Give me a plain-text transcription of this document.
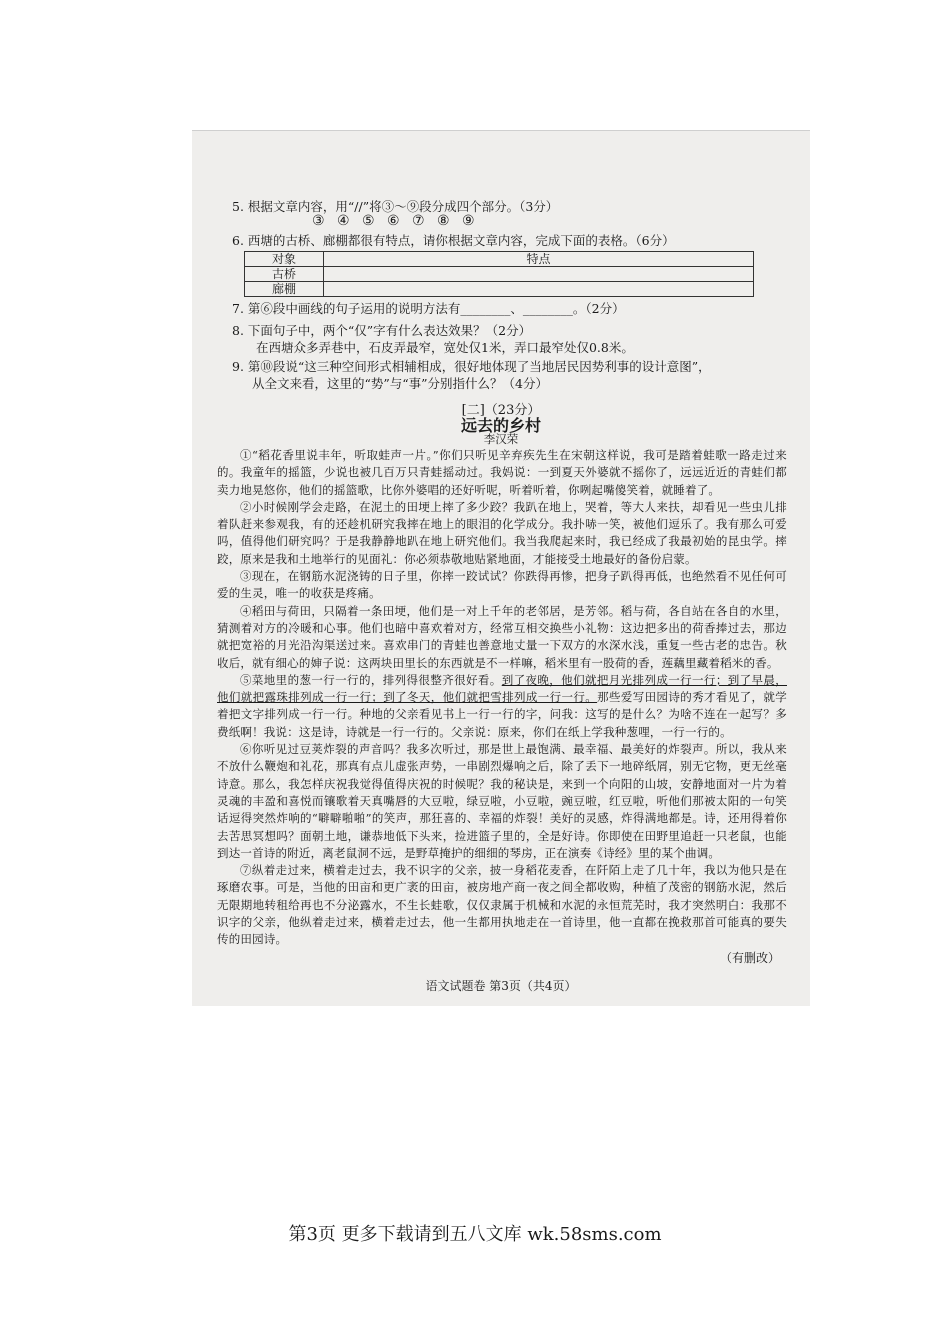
5. 根据文章内容，用“//”将③～⑨段分成四个部分。（3分）
③ ④ ⑤ ⑥ ⑦ ⑧ ⑨
6. 西塘的古桥、廊棚都很有特点，请你根据文章内容，完成下面的表格。（6分）
对象	特点
古桥	
廊棚	
7. 第⑥段中画线的句子运用的说明方法有________、________。（2分）
8. 下面句子中，两个“仅”字有什么表达效果？（2分）
在西塘众多弄巷中，石皮弄最窄，宽处仅1米，弄口最窄处仅0.8米。
9. 第⑩段说“这三种空间形式相辅相成，很好地体现了当地居民因势利事的设计意图”，
从全文来看，这里的“势”与“事”分别指什么？（4分）
[二]（23分）
远去的乡村
李汉荣

①“稻花香里说丰年，听取蛙声一片。”你们只听见辛弃疾先生在宋朝这样说，我可是踏着蛙歌一路走过来的。我童年的摇篮，少说也被几百万只青蛙摇动过。我妈说：一到夏天外婆就不摇你了，远远近近的青蛙们都卖力地晃悠你，他们的摇篮歌，比你外婆唱的还好听呢，听着听着，你咧起嘴傻笑着，就睡着了。

②小时候刚学会走路，在泥土的田埂上摔了多少跤？我趴在地上，哭着，等大人来扶，却看见一些虫儿排着队赶来参观我，有的还趁机研究我摔在地上的眼泪的化学成分。我扑哧一笑，被他们逗乐了。我有那么可爱吗，值得他们研究吗？于是我静静地趴在地上研究他们。我当我爬起来时，我已经成了我最初始的昆虫学。摔跤，原来是我和土地举行的见面礼：你必须恭敬地贴紧地面，才能接受土地最好的备份启蒙。

③现在，在钢筋水泥浇铸的日子里，你摔一跤试试？你跌得再惨，把身子趴得再低，也绝然看不见任何可爱的生灵，唯一的收获是疼痛。

④稻田与荷田，只隔着一条田埂，他们是一对上千年的老邻居，是芳邻。稻与荷，各自站在各自的水里，猜测着对方的冷暖和心事。他们也暗中喜欢着对方，经常互相交换些小礼物：这边把多出的荷香捧过去，那边就把宽裕的月光沿沟渠送过来。喜欢串门的青蛙也善意地丈量一下双方的水深水浅，重复一些古老的忠告。秋收后，就有细心的婶子说：这两块田里长的东西就是不一样嘛，稻米里有一股荷的香，莲藕里藏着稻米的香。

⑤菜地里的葱一行一行的，排列得很整齐很好看。到了夜晚，他们就把月光排列成一行一行；到了早晨，他们就把露珠排列成一行一行；到了冬天，他们就把雪排列成一行一行。那些爱写田园诗的秀才看见了，就学着把文字排列成一行一行。种地的父亲看见书上一行一行的字，问我：这写的是什么？为啥不连在一起写？多费纸啊！我说：这是诗，诗就是一行一行的。父亲说：原来，你们在纸上学我种葱哩，一行一行的。

⑥你听见过豆荚炸裂的声音吗？我多次听过，那是世上最饱满、最幸福、最美好的炸裂声。所以，我从来不放什么鞭炮和礼花，那真有点儿虚张声势，一串剧烈爆响之后，除了丢下一地碎纸屑，别无它物，更无丝毫诗意。那么，我怎样庆祝我觉得值得庆祝的时候呢？我的秘诀是，来到一个向阳的山坡，安静地面对一片为着灵魂的丰盈和喜悦而镶歌着天真嘴唇的大豆啦，绿豆啦，小豆啦，豌豆啦，红豆啦，听他们那被太阳的一句笑话逗得突然炸响的“噼噼啪啪”的笑声，那狂喜的、幸福的炸裂！美好的灵感，炸得满地都是。诗，还用得着你去苦思冥想吗？面朝土地，谦恭地低下头来，捡进篮子里的，全是好诗。你即使在田野里追赶一只老鼠，也能到达一首诗的附近，离老鼠洞不远，是野草掩护的细细的琴房，正在演奏《诗经》里的某个曲调。

⑦纵着走过来，横着走过去，我不识字的父亲，披一身稻花麦香，在阡陌上走了几十年，我以为他只是在琢磨农事。可是，当他的田亩和更广袤的田亩，被房地产商一夜之间全都收购，种植了茂密的钢筋水泥，然后无限期地转租给再也不分泌露水，不生长蛙歌，仅仅隶属于机械和水泥的永恒荒芜时，我才突然明白：我那不识字的父亲，他纵着走过来，横着走过去，他一生都用执地走在一首诗里，他一直都在挽救那首可能真的要失传的田园诗。

（有删改）
语文试题卷 第3页（共4页）
第3页 更多下载请到五八文库 wk.58sms.com
